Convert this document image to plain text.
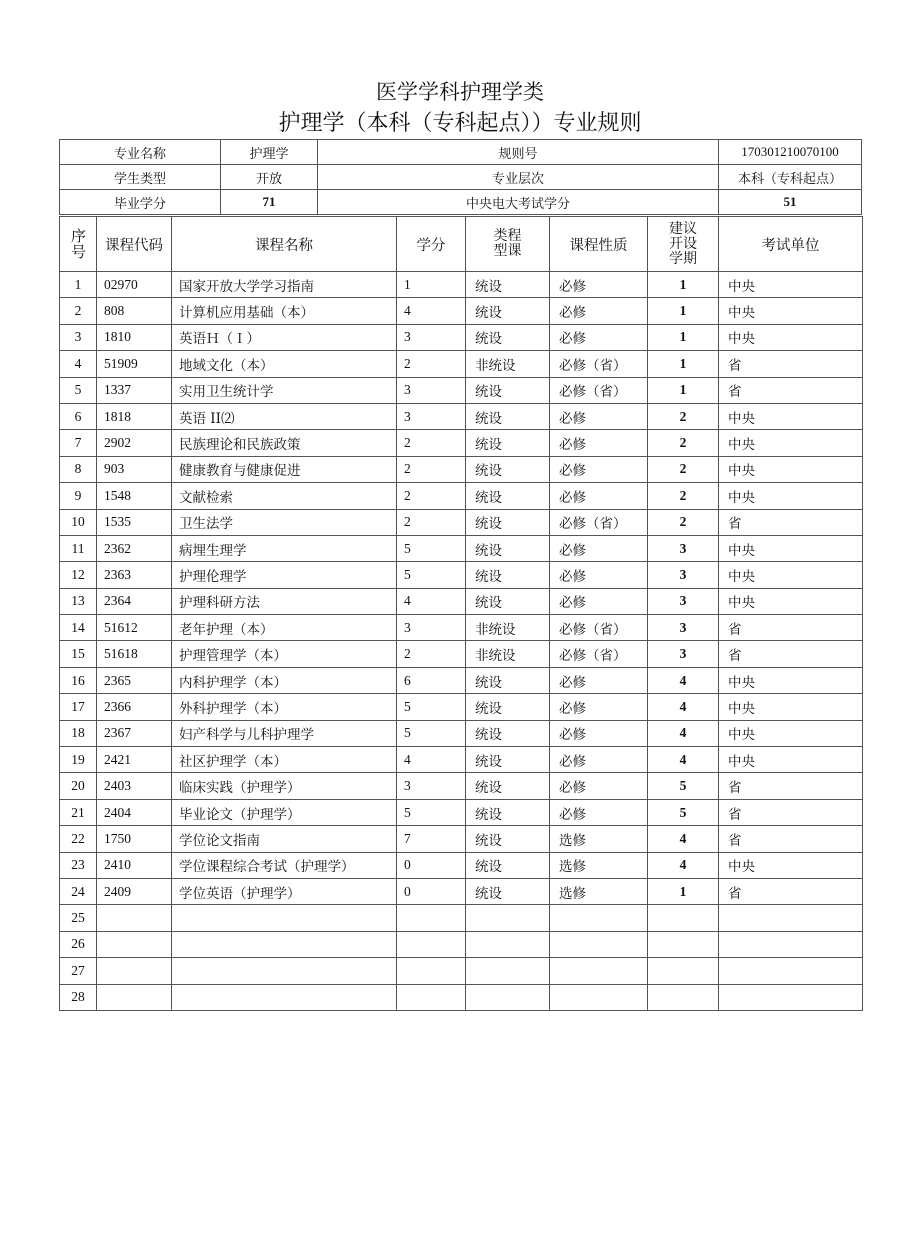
医学学科护理学类
护理学（本科（专科起点））专业规则
专业名称	护理学	规则号	170301210070100
学生类型	开放	专业层次	本科（专科起点）
毕业学分	71	中央电大考试学分	51
序号	课程代码	课程名称	学分	类程型课	课程性质	建议开设学期	考试单位
1	02970	国家开放大学学习指南	1	统设	必修	1	中央
2	808	计算机应用基础（本）	4	统设	必修	1	中央
3	1810	英语Ｈ（Ｉ）	3	统设	必修	1	中央
4	51909	地域文化（本）	2	非统设	必修（省）	1	省
5	1337	实用卫生统计学	3	统设	必修（省）	1	省
6	1818	英语 II⑵	3	统设	必修	2	中央
7	2902	民族理论和民族政策	2	统设	必修	2	中央
8	903	健康教育与健康促进	2	统设	必修	2	中央
9	1548	文献检索	2	统设	必修	2	中央
10	1535	卫生法学	2	统设	必修（省）	2	省
11	2362	病埋生理学	5	统设	必修	3	中央
12	2363	护理伦理学	5	统设	必修	3	中央
13	2364	护理科研方法	4	统设	必修	3	中央
14	51612	老年护理（本）	3	非统设	必修（省）	3	省
15	51618	护理管理学（本）	2	非统设	必修（省）	3	省
16	2365	内科护理学（本）	6	统设	必修	4	中央
17	2366	外科护理学（本）	5	统设	必修	4	中央
18	2367	妇产科学与儿科护理学	5	统设	必修	4	中央
19	2421	社区护理学（本）	4	统设	必修	4	中央
20	2403	临床实践（护理学）	3	统设	必修	5	省
21	2404	毕业论文（护理学）	5	统设	必修	5	省
22	1750	学位论文指南	7	统设	选修	4	省
23	2410	学位课程综合考试（护理学）	0	统设	选修	4	中央
24	2409	学位英语（护理学）	0	统设	选修	1	省
25							
26							
27							
28							
